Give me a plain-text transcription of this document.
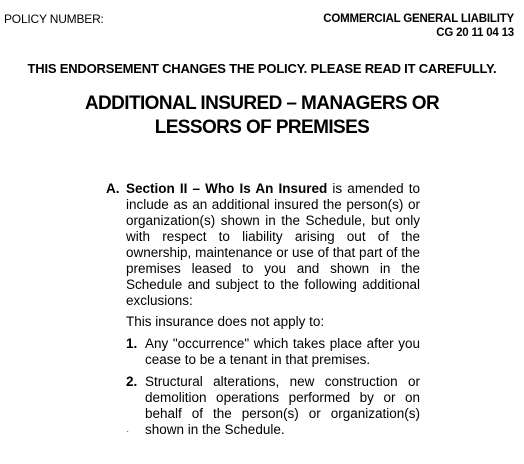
POLICY NUMBER:	COMMERCIAL GENERAL LIABILITY
CG 20 11 04 13
THIS ENDORSEMENT CHANGES THE POLICY. PLEASE READ IT CAREFULLY.
ADDITIONAL INSURED – MANAGERS OR
LESSORS OF PREMISES
A. Section II – Who Is An Insured is amended to include as an additional insured the person(s) or organization(s) shown in the Schedule, but only with respect to liability arising out of the ownership, maintenance or use of that part of the premises leased to you and shown in the Schedule and subject to the following additional exclusions:
This insurance does not apply to:
1. Any "occurrence" which takes place after you cease to be a tenant in that premises.
2. Structural alterations, new construction or demolition operations performed by or on behalf of the person(s) or organization(s) shown in the Schedule.
·
